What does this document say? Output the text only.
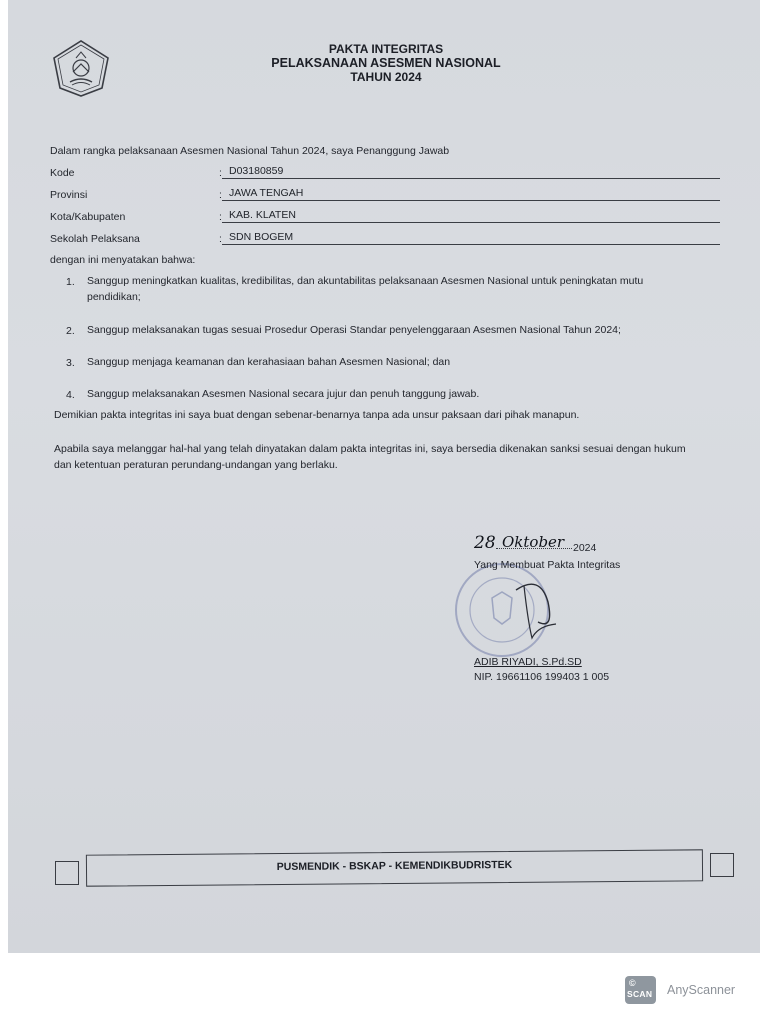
PAKTA INTEGRITAS
PELAKSANAAN ASESMEN NASIONAL
TAHUN 2024
Dalam rangka pelaksanaan Asesmen Nasional Tahun 2024, saya Penanggung Jawab
Kode	: D03180859
Provinsi	: JAWA TENGAH
Kota/Kabupaten	: KAB. KLATEN
Sekolah Pelaksana	: SDN BOGEM
dengan ini menyatakan bahwa:
1. Sanggup meningkatkan kualitas, kredibilitas, dan akuntabilitas pelaksanaan Asesmen Nasional untuk peningkatan mutu pendidikan;
2. Sanggup melaksanakan tugas sesuai Prosedur Operasi Standar penyelenggaraan Asesmen Nasional Tahun 2024;
3. Sanggup menjaga keamanan dan kerahasiaan bahan Asesmen Nasional; dan
4. Sanggup melaksanakan Asesmen Nasional secara jujur dan penuh tanggung jawab.
Demikian pakta integritas ini saya buat dengan sebenar-benarnya tanpa ada unsur paksaan dari pihak manapun.
Apabila saya melanggar hal-hal yang telah dinyatakan dalam pakta integritas ini, saya bersedia dikenakan sanksi sesuai dengan hukum dan ketentuan peraturan perundang-undangan yang berlaku.
28 Oktober 2024
Yang Membuat Pakta Integritas
ADIB RIYADI, S.Pd.SD
NIP. 19661106 199403 1 005
PUSMENDIK - BSKAP - KEMENDIKBUDRISTEK
©
SCAN AnyScanner
